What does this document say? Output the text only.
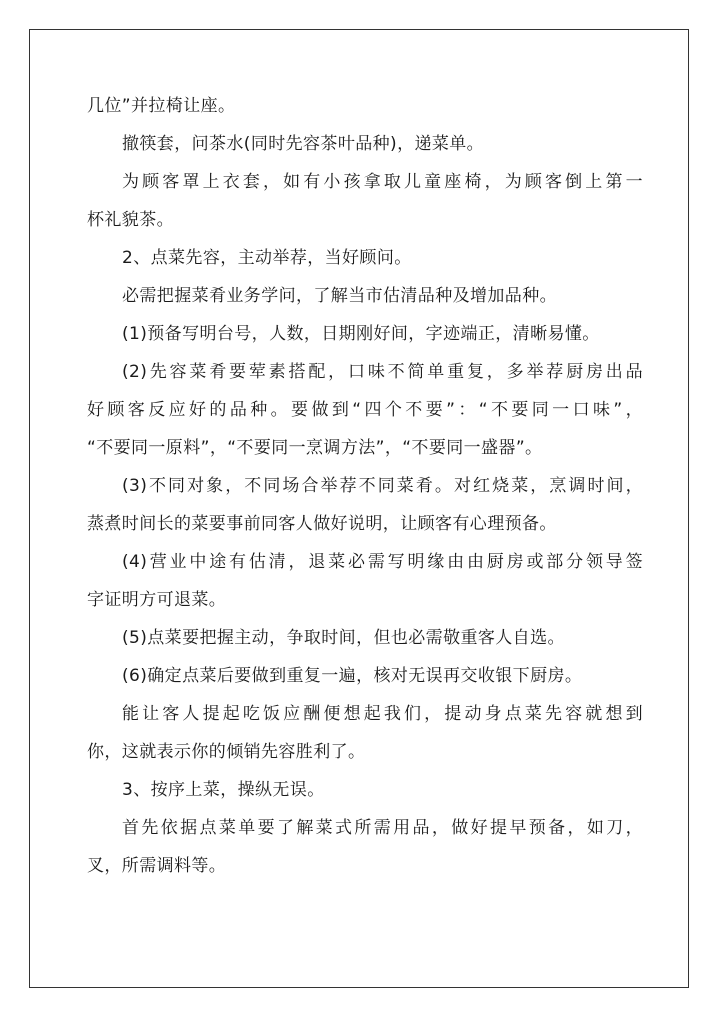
几位”并拉椅让座。
撤筷套，问茶水(同时先容茶叶品种)，递菜单。
为顾客罩上衣套，如有小孩拿取儿童座椅，为顾客倒上第一
杯礼貌茶。
2、点菜先容，主动举荐，当好顾问。
必需把握菜肴业务学问，了解当市估清品种及增加品种。
(1)预备写明台号，人数，日期刚好间，字迹端正，清晰易懂。
(2)先容菜肴要荤素搭配，口味不简单重复，多举荐厨房出品
好顾客反应好的品种。要做到“四个不要”：“不要同一口味”，
“不要同一原料”，“不要同一烹调方法”，“不要同一盛器”。
(3)不同对象，不同场合举荐不同菜肴。对红烧菜，烹调时间，
蒸煮时间长的菜要事前同客人做好说明，让顾客有心理预备。
(4)营业中途有估清，退菜必需写明缘由由厨房或部分领导签
字证明方可退菜。
(5)点菜要把握主动，争取时间，但也必需敬重客人自选。
(6)确定点菜后要做到重复一遍，核对无误再交收银下厨房。
能让客人提起吃饭应酬便想起我们，提动身点菜先容就想到
你，这就表示你的倾销先容胜利了。
3、按序上菜，操纵无误。
首先依据点菜单要了解菜式所需用品，做好提早预备，如刀，
叉，所需调料等。
